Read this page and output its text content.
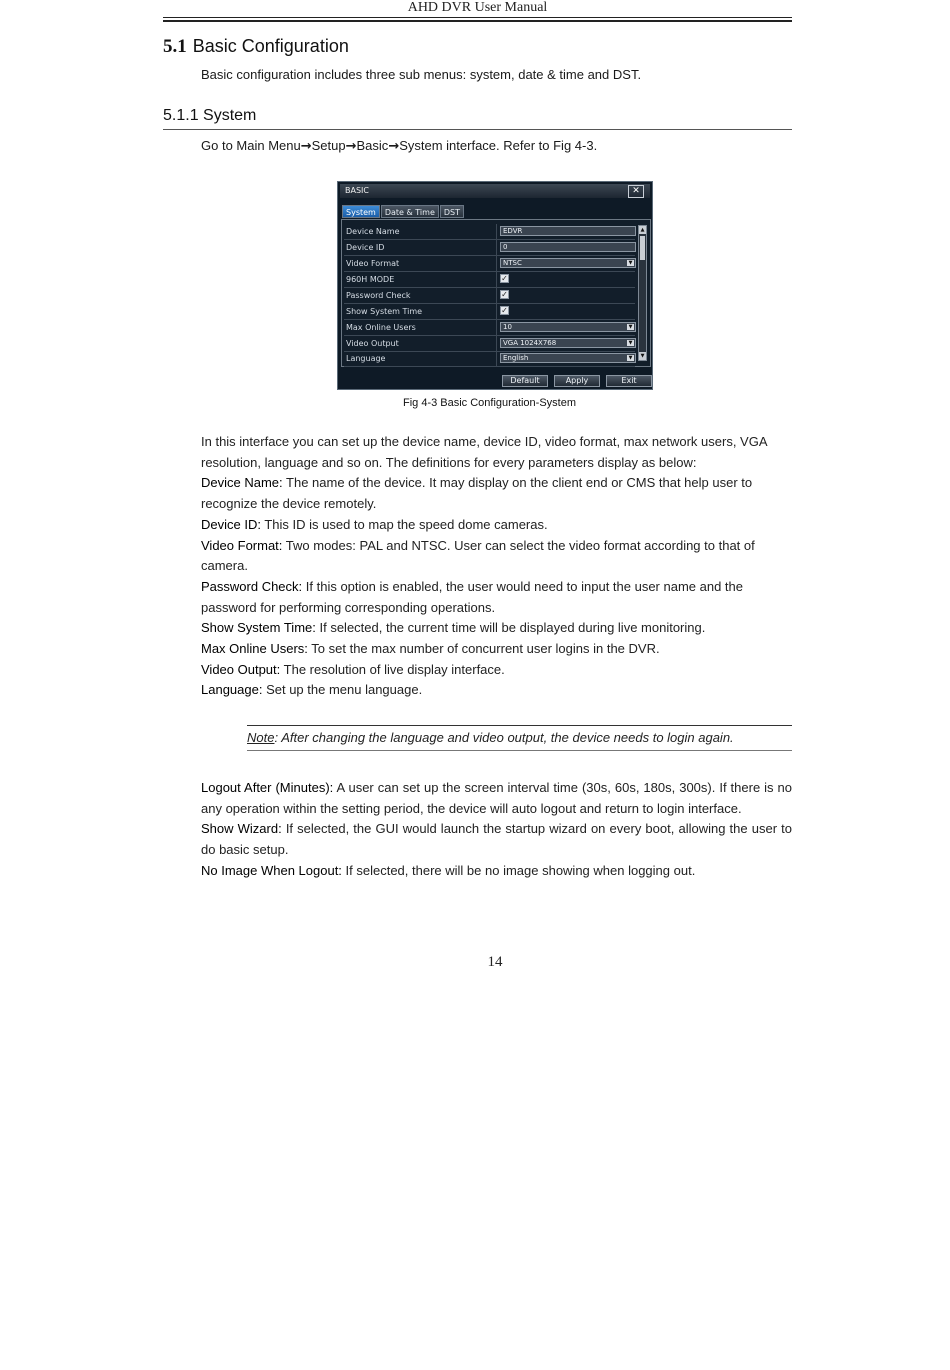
AHD DVR User Manual
5.1 Basic Configuration
Basic configuration includes three sub menus: system, date & time and DST.
5.1.1 System
Go to Main Menu→Setup→Basic→System interface. Refer to Fig 4-3.
BASIC	✕
System	Date & Time	DST
Device Name	EDVR
Device ID	0
Video Format	NTSC	▼
960H MODE	✓
Password Check	✓
Show System Time	✓
Max Online Users	10	▼
Video Output	VGA 1024X768	▼
Language	English	▼
▲
▼
Default	Apply	Exit
Fig 4-3 Basic Configuration-System

In this interface you can set up the device name, device ID, video format, max network users, VGA resolution, language and so on. The definitions for every parameters display as below:

Device Name: The name of the device. It may display on the client end or CMS that help user to recognize the device remotely.

Device ID: This ID is used to map the speed dome cameras.

Video Format: Two modes: PAL and NTSC. User can select the video format according to that of camera.

Password Check: If this option is enabled, the user would need to input the user name and the password for performing corresponding operations.

Show System Time: If selected, the current time will be displayed during live monitoring.

Max Online Users: To set the max number of concurrent user logins in the DVR.

Video Output: The resolution of live display interface.

Language: Set up the menu language.

Note: After changing the language and video output, the device needs to login again.

Logout After (Minutes): A user can set up the screen interval time (30s, 60s, 180s, 300s). If there is no any operation within the setting period, the device will auto logout and return to login interface.

Show Wizard: If selected, the GUI would launch the startup wizard on every boot, allowing the user to do basic setup.

No Image When Logout: If selected, there will be no image showing when logging out.

14
